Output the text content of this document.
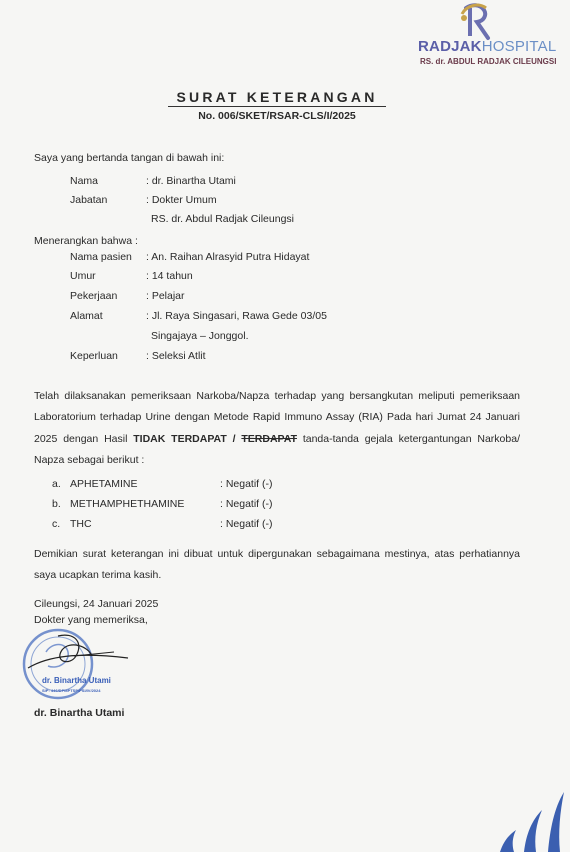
RADJAKHOSPITAL
RS. dr. ABDUL RADJAK CILEUNGSI
SURAT KETERANGAN
No. 006/SKET/RSAR-CLS/I/2025
Saya yang bertanda tangan di bawah ini:
Nama	: dr. Binartha Utami
Jabatan	: Dokter Umum
RS. dr. Abdul Radjak Cileungsi
Menerangkan bahwa :
Nama pasien : An. Raihan Alrasyid Putra Hidayat
Umur	: 14 tahun
Pekerjaan	: Pelajar
Alamat	: Jl. Raya Singasari, Rawa Gede 03/05
Singajaya – Jonggol.
Keperluan	: Seleksi Atlit
Telah dilaksanakan pemeriksaan Narkoba/Napza terhadap yang bersangkutan meliputi pemeriksaan Laboratorium terhadap Urine dengan Metode Rapid Immuno Assay (RIA) Pada hari Jumat 24 Januari 2025 dengan Hasil TIDAK TERDAPAT / TERDAPAT tanda-tanda gejala ketergantungan Narkoba/ Napza sebagai berikut :
a. APHETAMINE	: Negatif (-)
b. METHAMPHETHAMINE	: Negatif (-)
c. THC	: Negatif (-)
Demikian surat keterangan ini dibuat untuk dipergunakan sebagaimana mestinya, atas perhatiannya saya ucapkan terima kasih.
Cileungsi, 24 Januari 2025
Dokter yang memeriksa,
dr. Binartha Utami
SIP: 446/DPMPTSP/PSI/IV/2024
dr. Binartha Utami
